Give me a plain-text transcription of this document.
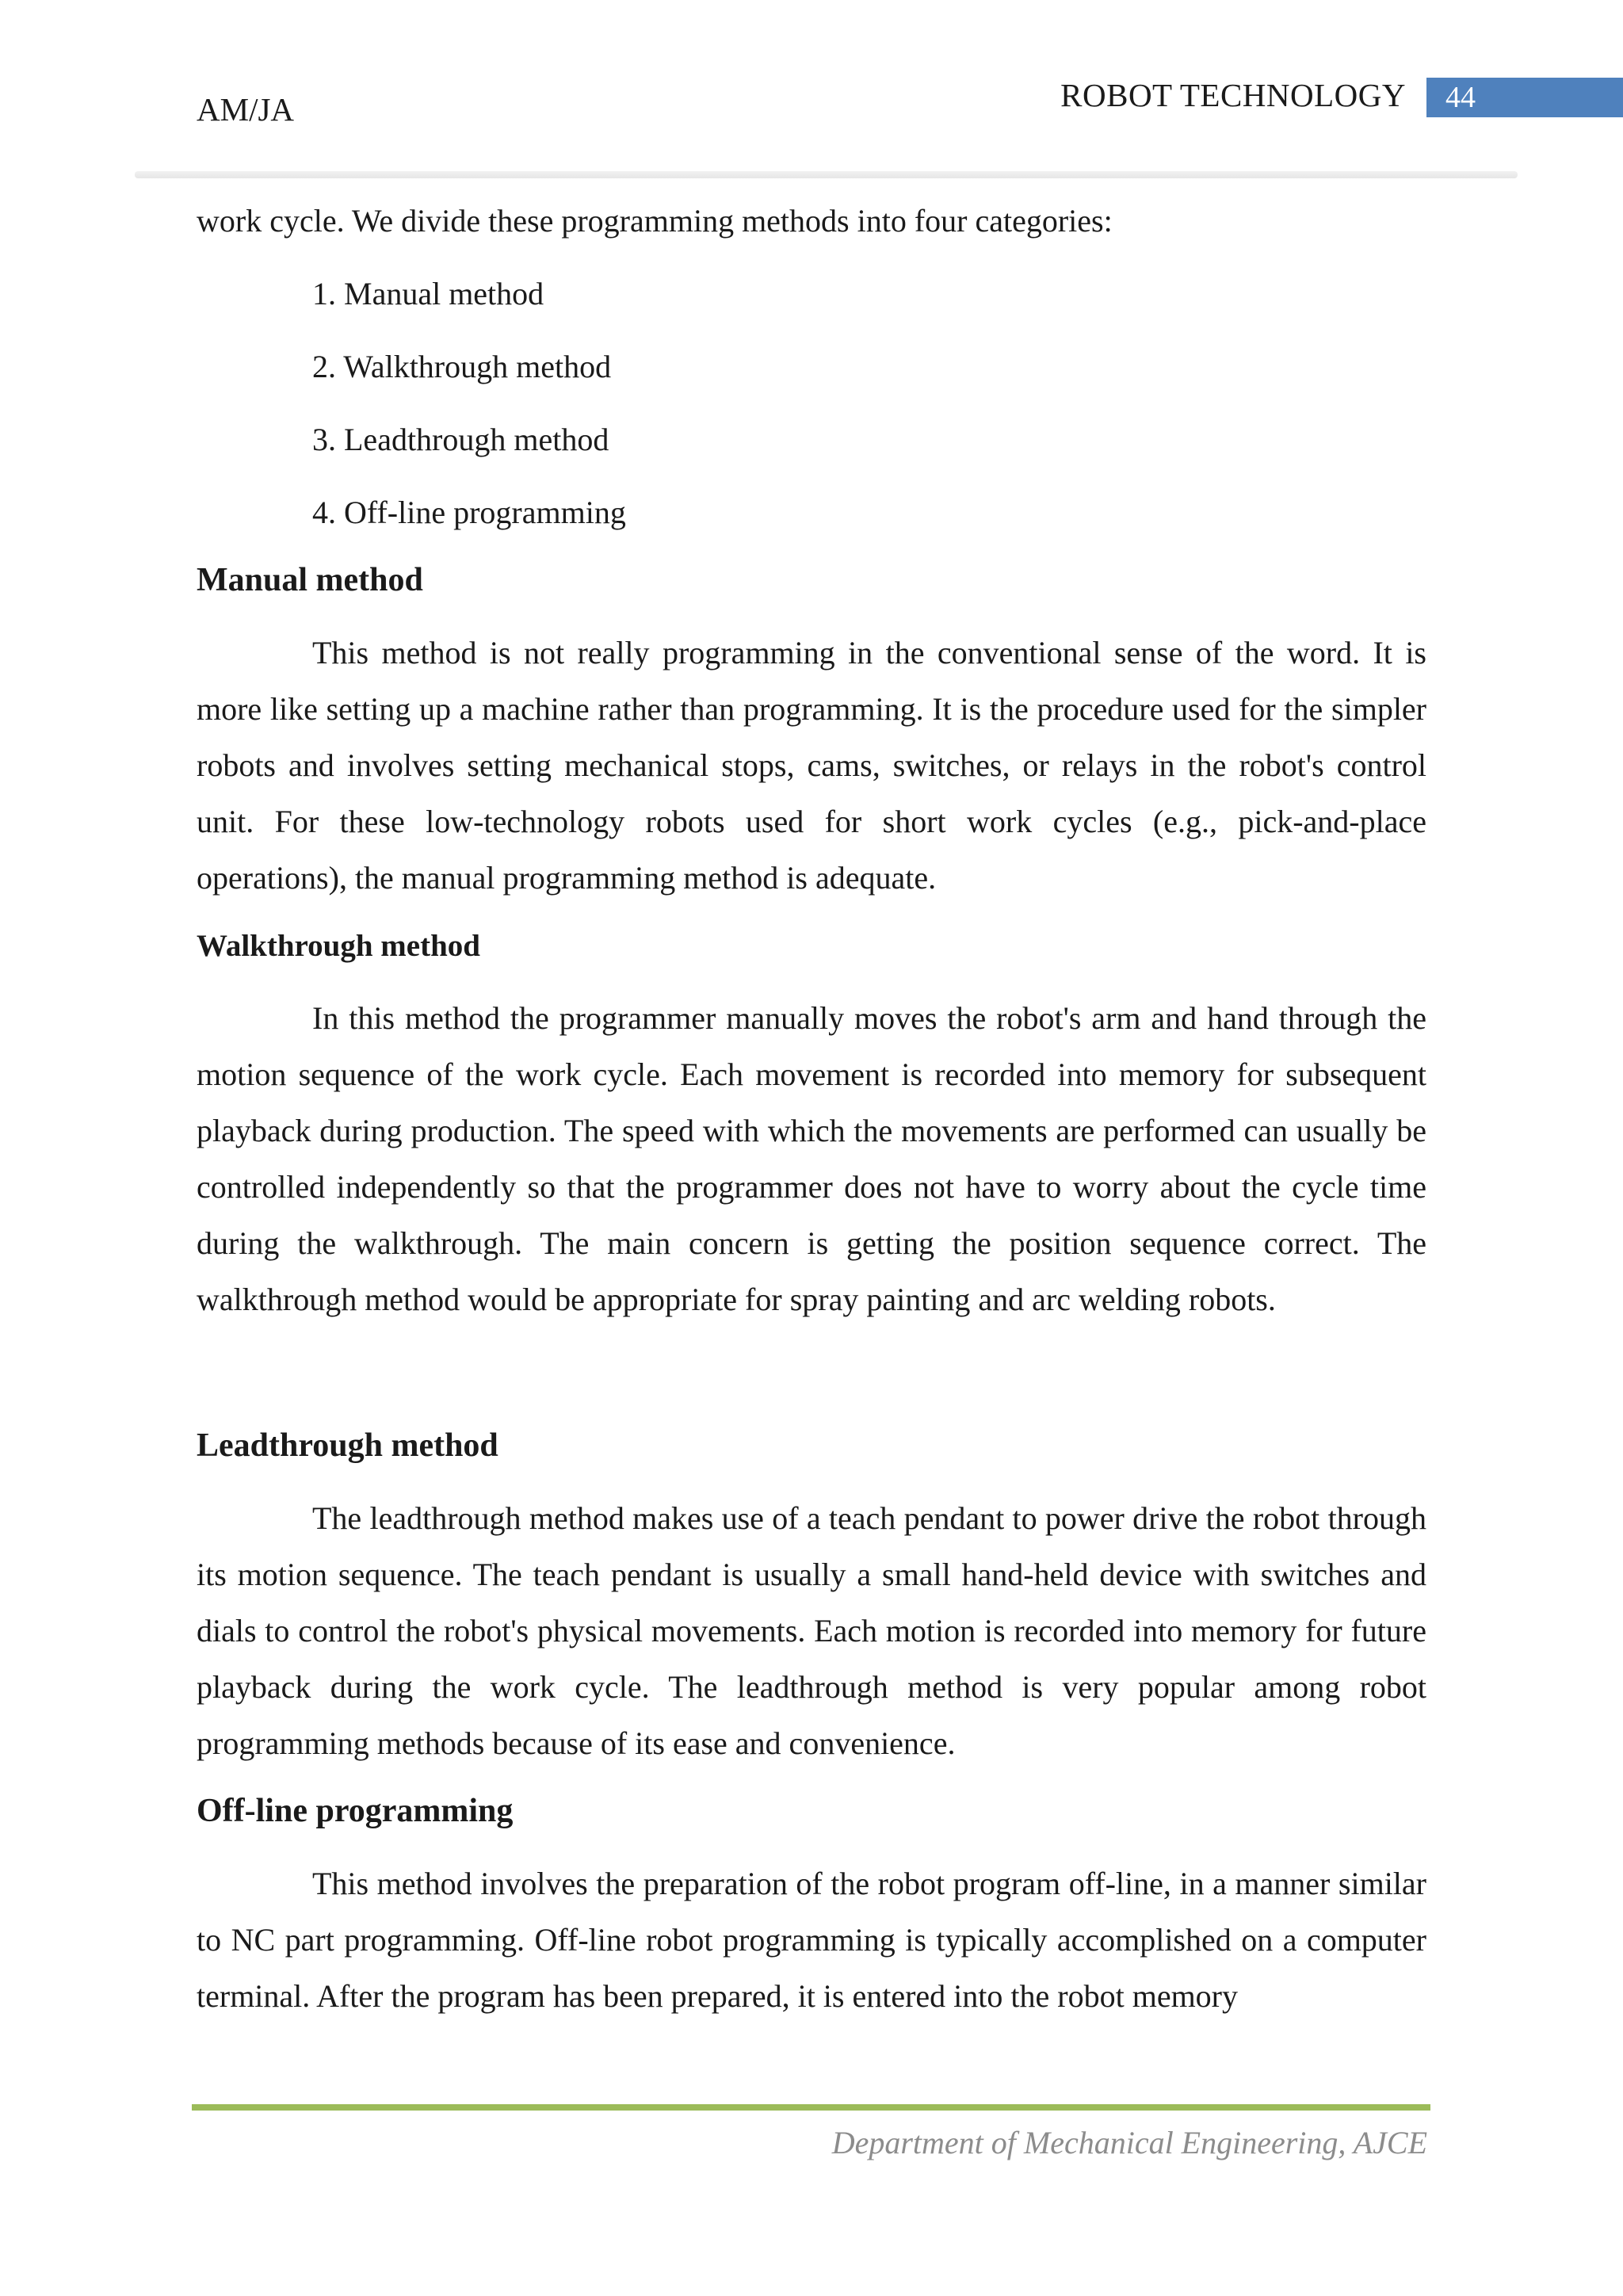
AM/JA	ROBOT TECHNOLOGY	44

work cycle. We divide these programming methods into four categories:

1. Manual method
2. Walkthrough method
3. Leadthrough method
4. Off-line programming
Manual method

This method is not really programming in the conventional sense of the word. It is more like setting up a machine rather than programming. It is the procedure used for the simpler robots and involves setting mechanical stops, cams, switches, or relays in the robot's control unit. For these low-technology robots used for short work cycles (e.g., pick-and-place operations), the manual programming method is adequate.

Walkthrough method

In this method the programmer manually moves the robot's arm and hand through the motion sequence of the work cycle. Each movement is recorded into memory for subsequent playback during production. The speed with which the movements are performed can usually be controlled independently so that the programmer does not have to worry about the cycle time during the walkthrough. The main concern is getting the position sequence correct. The walkthrough method would be appropriate for spray painting and arc welding robots.

Leadthrough method

The leadthrough method makes use of a teach pendant to power drive the robot through its motion sequence. The teach pendant is usually a small hand-held device with switches and dials to control the robot's physical movements. Each motion is recorded into memory for future playback during the work cycle. The leadthrough method is very popular among robot programming methods because of its ease and convenience.

Off-line programming

This method involves the preparation of the robot program off-line, in a manner similar to NC part programming. Off-line robot programming is typically accomplished on a computer terminal. After the program has been prepared, it is entered into the robot memory

Department of Mechanical Engineering, AJCE
